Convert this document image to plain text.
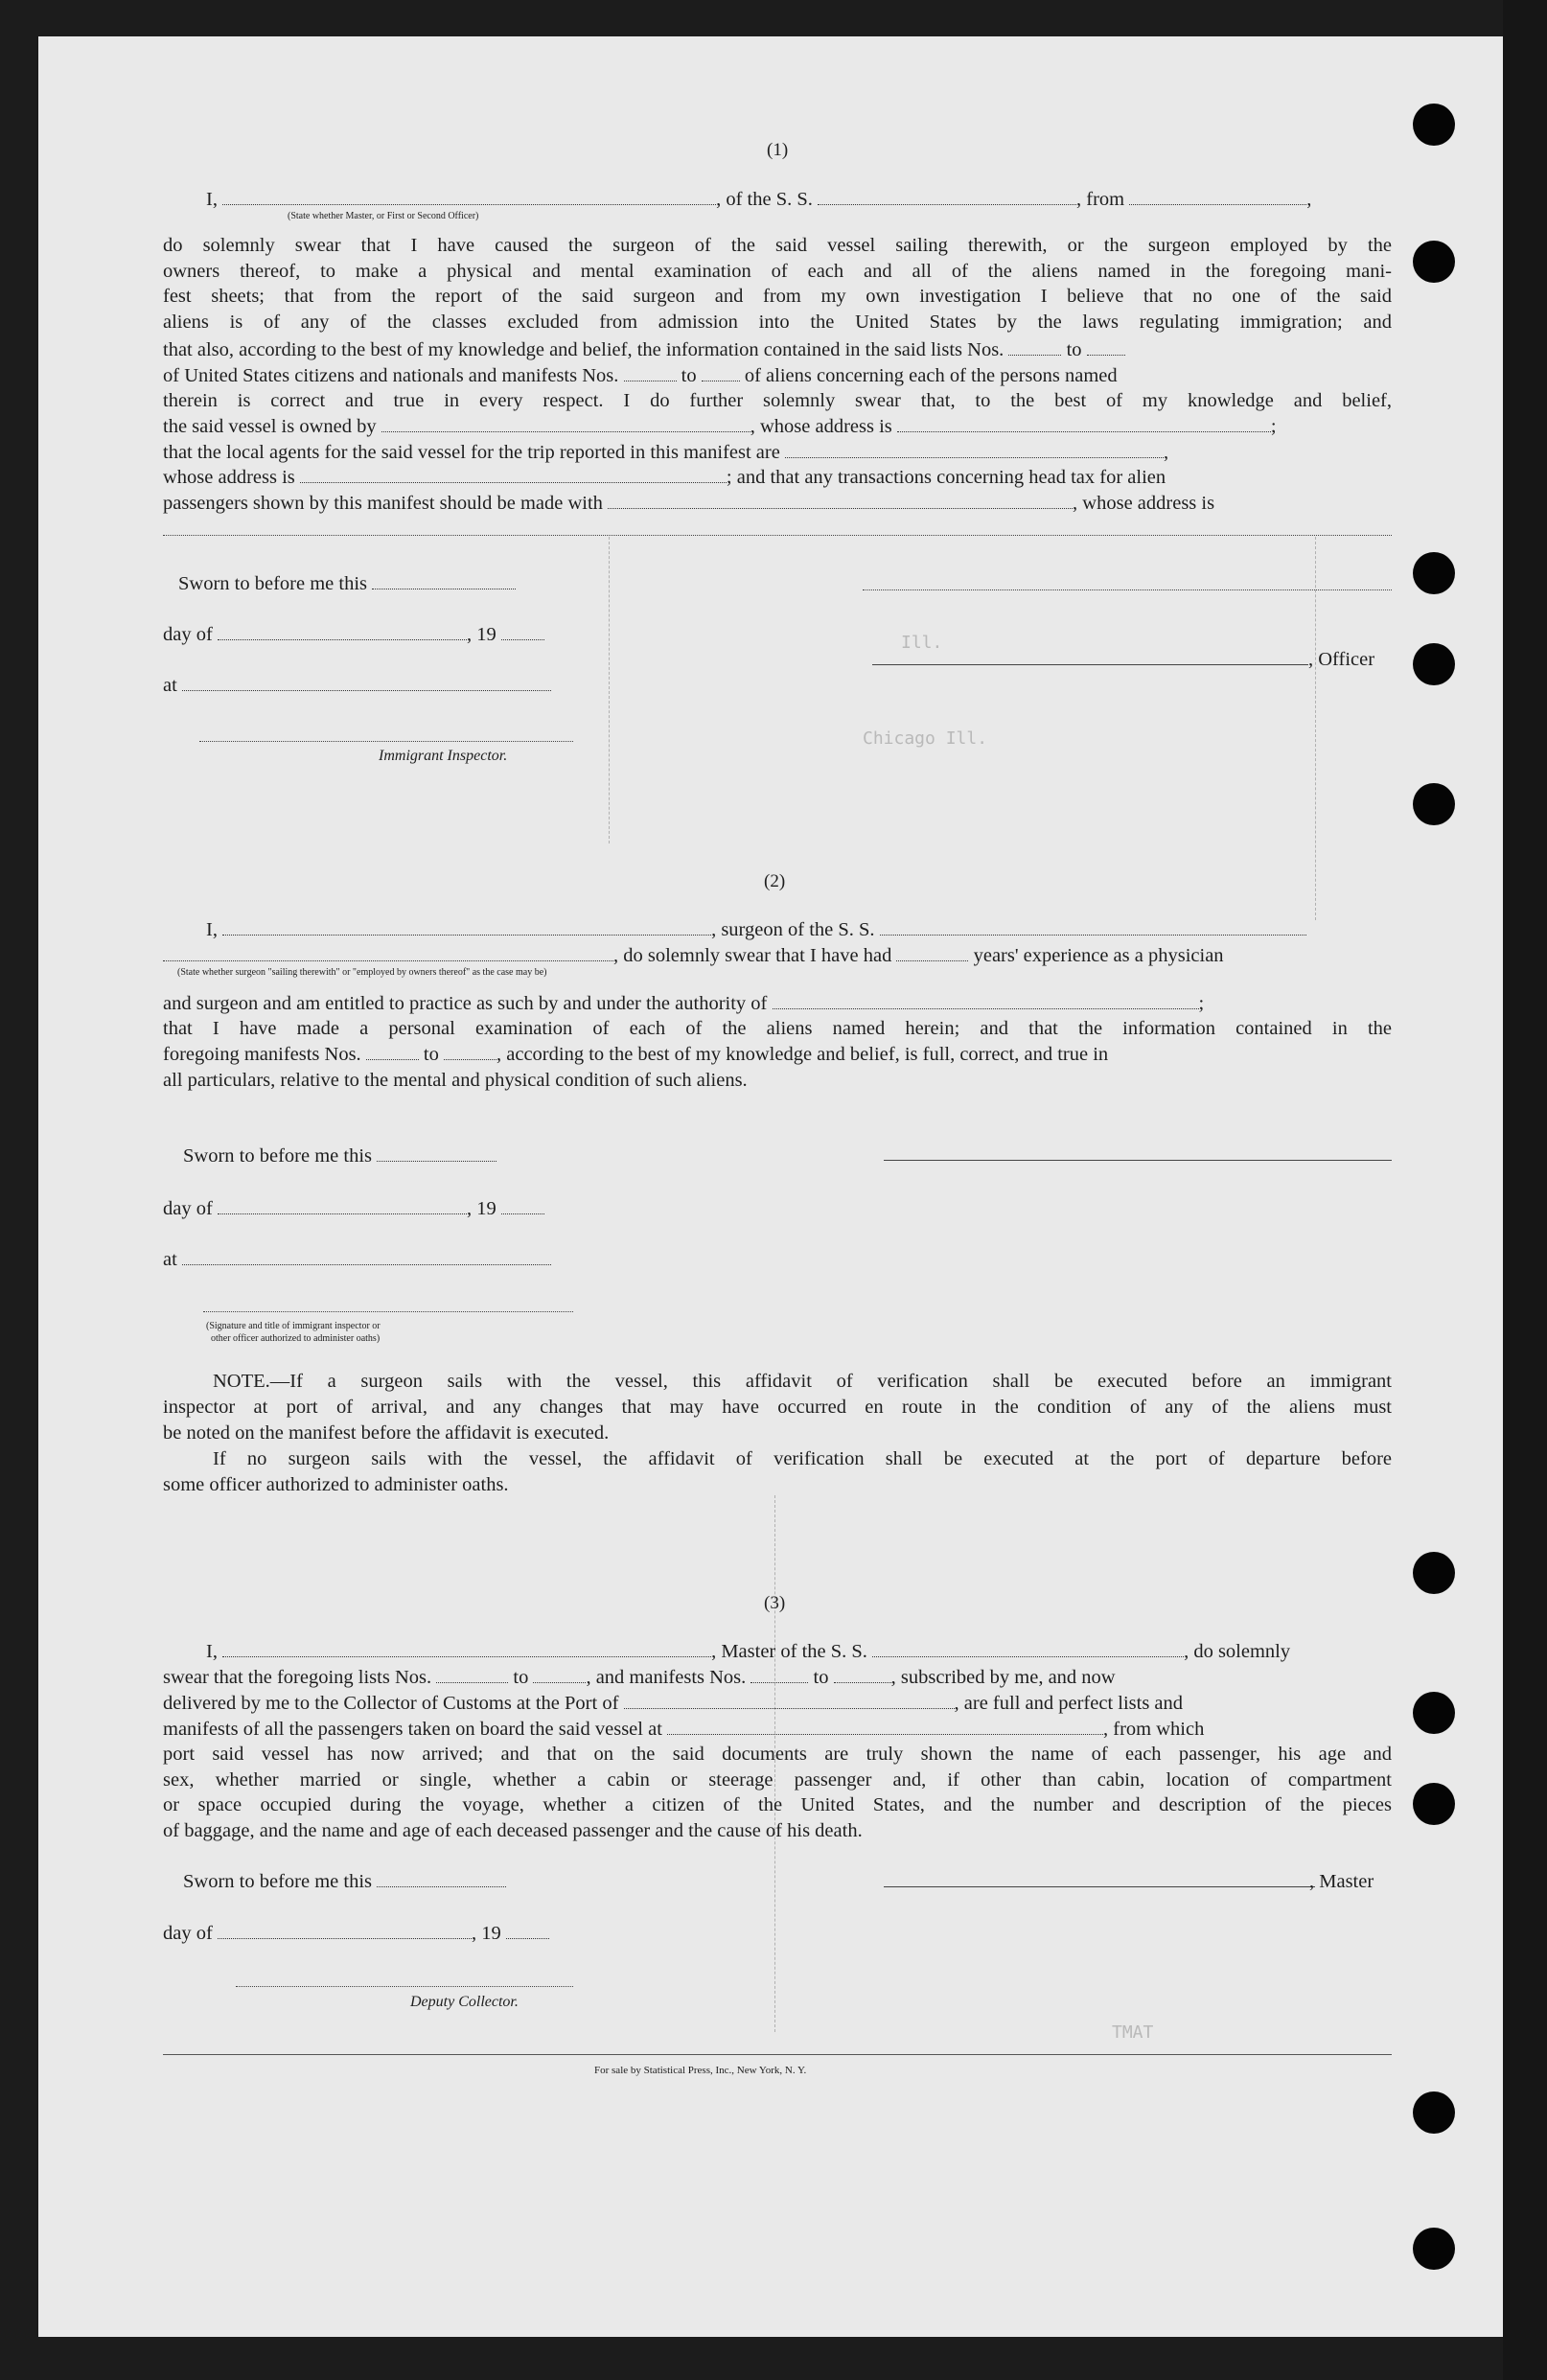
Ill.
Chicago Ill.
TMAT
(1)
I,	, of the S. S.	, from	,
(State whether Master, or First or Second Officer)
do solemnly swear that I have caused the surgeon of the said vessel sailing therewith, or the surgeon employed by the
owners thereof, to make a physical and mental examination of each and all of the aliens named in the foregoing mani-
fest sheets; that from the report of the said surgeon and from my own investigation I believe that no one of the said
aliens is of any of the classes excluded from admission into the United States by the laws regulating immigration; and
that also, according to the best of my knowledge and belief, the information contained in the said lists Nos.	to
of United States citizens and nationals and manifests Nos.	to of aliens concerning each of the persons named
therein is correct and true in every respect. I do further solemnly swear that, to the best of my knowledge and belief,
the said vessel is owned by	, whose address is	;
that the local agents for the said vessel for the trip reported in this manifest are	,
whose address is	; and that any transactions concerning head tax for alien
passengers shown by this manifest should be made with	, whose address is
Sworn to before me this
day of	, 19
at
Immigrant Inspector.
, Officer
(2)
I,	, surgeon of the S. S.
, do solemnly swear that I have had	years' experience as a physician
(State whether surgeon "sailing therewith" or "employed by owners thereof" as the case may be)
and surgeon and am entitled to practice as such by and under the authority of	;
that I have made a personal examination of each of the aliens named herein; and that the information contained in the
foregoing manifests Nos.	to	, according to the best of my knowledge and belief, is full, correct, and true in
all particulars, relative to the mental and physical condition of such aliens.
Sworn to before me this
day of	, 19
at
(Signature and title of immigrant inspector or
other officer authorized to administer oaths)
NOTE.—If a surgeon sails with the vessel, this affidavit of verification shall be executed before an immigrant
inspector at port of arrival, and any changes that may have occurred en route in the condition of any of the aliens must
be noted on the manifest before the affidavit is executed.
If no surgeon sails with the vessel, the affidavit of verification shall be executed at the port of departure before
some officer authorized to administer oaths.
(3)
I,	, Master of the S. S.	, do solemnly
swear that the foregoing lists Nos.	to	, and manifests Nos.	to	, subscribed by me, and now
delivered by me to the Collector of Customs at the Port of	, are full and perfect lists and
manifests of all the passengers taken on board the said vessel at	, from which
port said vessel has now arrived; and that on the said documents are truly shown the name of each passenger, his age and
sex, whether married or single, whether a cabin or steerage passenger and, if other than cabin, location of compartment
or space occupied during the voyage, whether a citizen of the United States, and the number and description of the pieces
of baggage, and the name and age of each deceased passenger and the cause of his death.
Sworn to before me this	, Master
day of	, 19
Deputy Collector.
For sale by Statistical Press, Inc., New York, N. Y.
